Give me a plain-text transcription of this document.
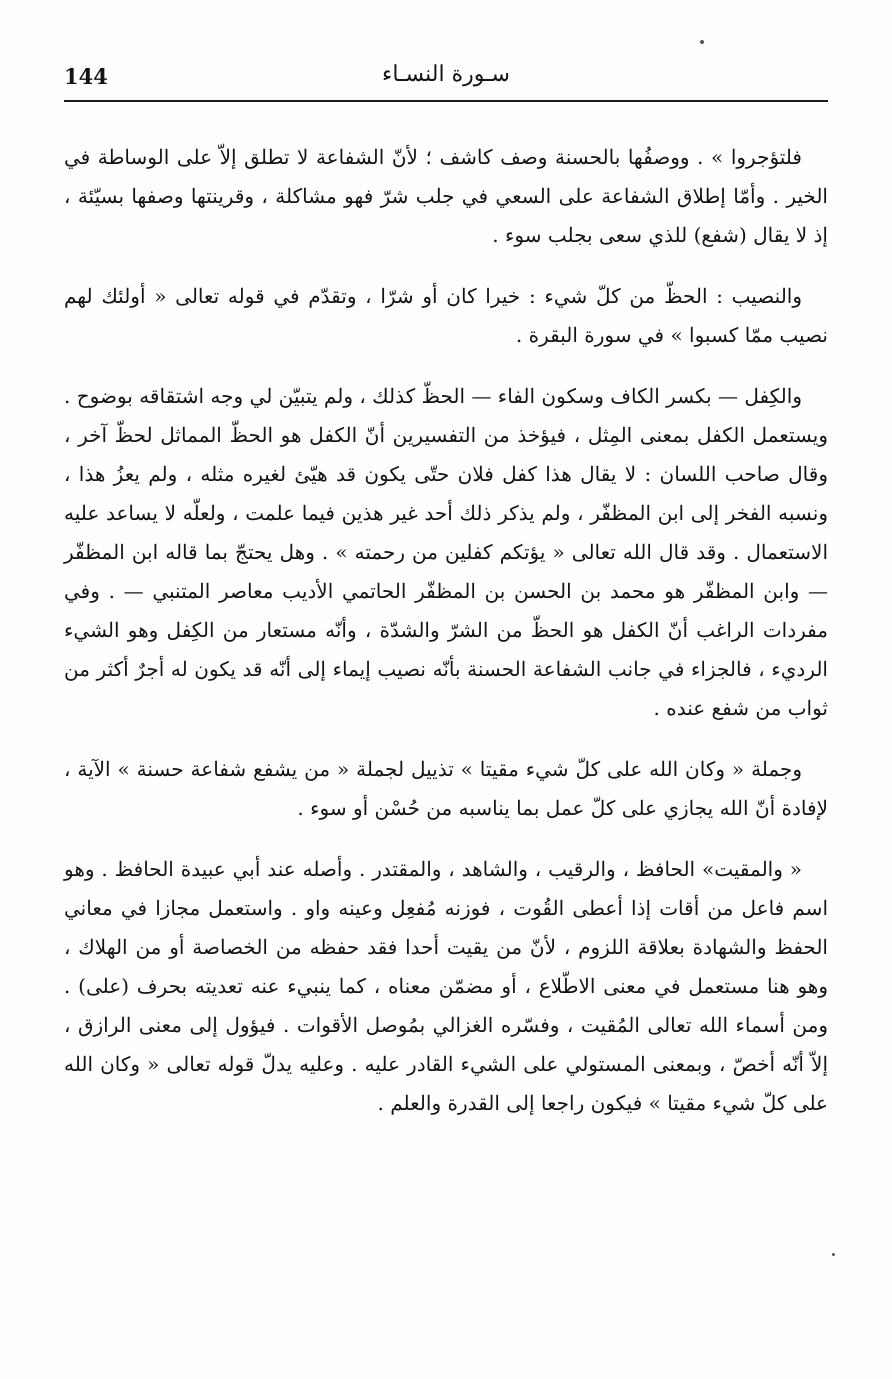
144	سـورة النسـاء

فلتؤجروا » . ووصفُها بالحسنة وصف كاشف ؛ لأنّ الشفاعة لا تطلق إلاّ على الوساطة في الخير . وأمّا إطلاق الشفاعة على السعي في جلب شرّ فهو مشاكلة ، وقرينتها وصفها بسيّئة ، إذ لا يقال (شفع) للذي سعى بجلب سوء .

والنصيب : الحظّ من كلّ شيء : خيرا كان أو شرّا ، وتقدّم في قوله تعالى « أولئك لهم نصيب ممّا كسبوا » في سورة البقرة .

والكِفل — بكسر الكاف وسكون الفاء — الحظّ كذلك ، ولم يتبيّن لي وجه اشتقاقه بوضوح . ويستعمل الكفل بمعنى المِثل ، فيؤخذ من التفسيرين أنّ الكفل هو الحظّ المماثل لحظّ آخر ، وقال صاحب اللسان : لا يقال هذا كفل فلان حتّى يكون قد هيّئ لغيره مثله ، ولم يعزُ هذا ، ونسبه الفخر إلى ابن المظفّر ، ولم يذكر ذلك أحد غير هذين فيما علمت ، ولعلّه لا يساعد عليه الاستعمال . وقد قال الله تعالى « يؤتكم كفلين من رحمته » . وهل يحتجّ بما قاله ابن المظفّر — وابن المظفّر هو محمد بن الحسن بن المظفّر الحاتمي الأديب معاصر المتنبي — . وفي مفردات الراغب أنّ الكفل هو الحظّ من الشرّ والشدّة ، وأنّه مستعار من الكِفل وهو الشيء الرديء ، فالجزاء في جانب الشفاعة الحسنة بأنّه نصيب إيماء إلى أنّه قد يكون له أجرٌ أكثر من ثواب من شفع عنده .

وجملة « وكان الله على كلّ شيء مقيتا » تذييل لجملة « من يشفع شفاعة حسنة » الآية ، لإفادة أنّ الله يجازي على كلّ عمل بما يناسبه من حُسْن أو سوء .

« والمقيت» الحافظ ، والرقيب ، والشاهد ، والمقتدر . وأصله عند أبي عبيدة الحافظ . وهو اسم فاعل من أقات إذا أعطى القُوت ، فوزنه مُفعِل وعينه واو . واستعمل مجازا في معاني الحفظ والشهادة بعلاقة اللزوم ، لأنّ من يقيت أحدا فقد حفظه من الخصاصة أو من الهلاك ، وهو هنا مستعمل في معنى الاطّلاع ، أو مضمّن معناه ، كما ينبيء عنه تعديته بحرف (على) . ومن أسماء الله تعالى المُقيت ، وفسّره الغزالي بمُوصل الأقوات . فيؤول إلى معنى الرازق ، إلاّ أنّه أخصّ ، وبمعنى المستولي على الشيء القادر عليه . وعليه يدلّ قوله تعالى « وكان الله على كلّ شيء مقيتا » فيكون راجعا إلى القدرة والعلم .
